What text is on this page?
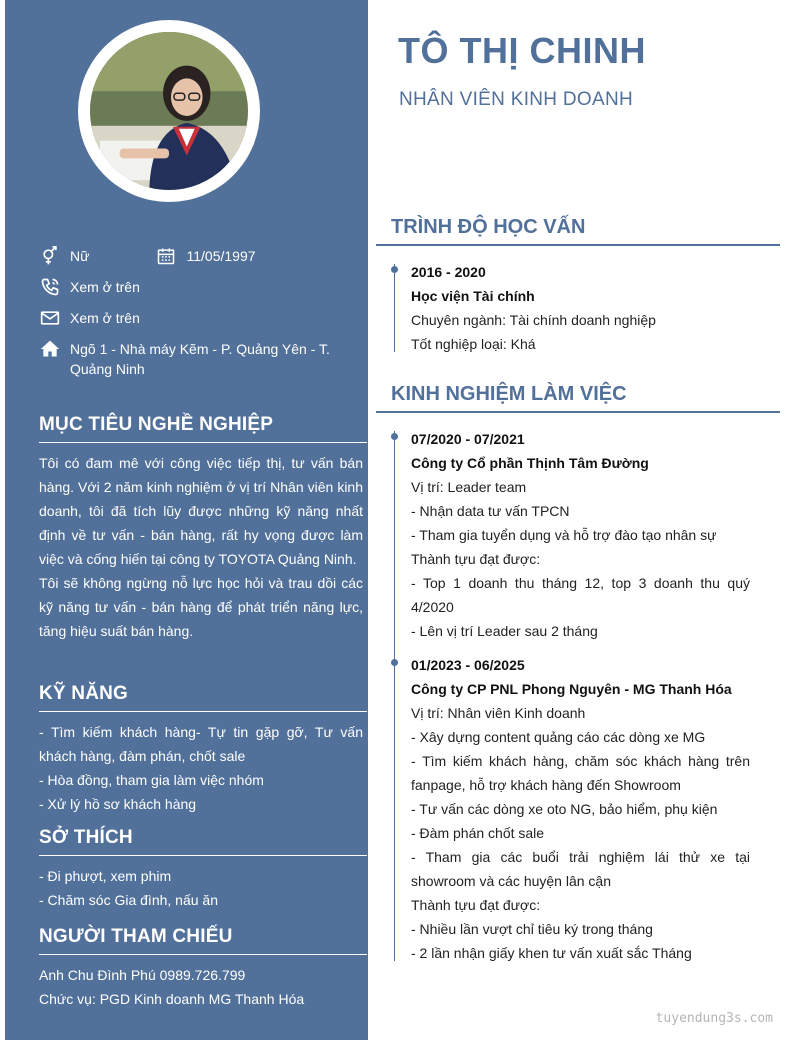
Nữ	11/05/1997
Xem ở trên
Xem ở trên
Ngõ 1 - Nhà máy Kẽm - P. Quảng Yên - T. Quảng Ninh
MỤC TIÊU NGHỀ NGHIỆP
Tôi có đam mê với công việc tiếp thị, tư vấn bán hàng. Với 2 năm kinh nghiệm ở vị trí Nhân viên kinh doanh, tôi đã tích lũy được những kỹ năng nhất định về tư vấn - bán hàng, rất hy vọng được làm việc và cống hiến tại công ty TOYOTA Quảng Ninh.
Tôi sẽ không ngừng nỗ lực học hỏi và trau dồi các kỹ năng tư vấn - bán hàng để phát triển năng lực, tăng hiệu suất bán hàng.
KỸ NĂNG
- Tìm kiếm khách hàng- Tự tin gặp gỡ, Tư vấn khách hàng, đàm phán, chốt sale
- Hòa đồng, tham gia làm việc nhóm
- Xử lý hồ sơ khách hàng
SỞ THÍCH
- Đi phượt, xem phim
- Chăm sóc Gia đình, nấu ăn
NGƯỜI THAM CHIẾU
Anh Chu Đình Phú 0989.726.799
Chức vụ: PGD Kinh doanh MG Thanh Hóa
TÔ THỊ CHINH
NHÂN VIÊN KINH DOANH
TRÌNH ĐỘ HỌC VẤN
2016 - 2020
Học viện Tài chính
Chuyên ngành: Tài chính doanh nghiệp
Tốt nghiệp loại: Khá
KINH NGHIỆM LÀM VIỆC
07/2020 - 07/2021
Công ty Cổ phần Thịnh Tâm Đường
Vị trí: Leader team
- Nhận data tư vấn TPCN
- Tham gia tuyển dụng và hỗ trợ đào tạo nhân sự
Thành tựu đạt được:
- Top 1 doanh thu tháng 12, top 3 doanh thu quý 4/2020
- Lên vị trí Leader sau 2 tháng
01/2023 - 06/2025
Công ty CP PNL Phong Nguyên - MG Thanh Hóa
Vị trí: Nhân viên Kinh doanh
- Xây dựng content quảng cáo các dòng xe MG
- Tìm kiếm khách hàng, chăm sóc khách hàng trên fanpage, hỗ trợ khách hàng đến Showroom
- Tư vấn các dòng xe oto NG, bảo hiểm, phụ kiện
- Đàm phán chốt sale
- Tham gia các buổi trải nghiệm lái thử xe tại showroom và các huyện lân cận
Thành tựu đạt được:
- Nhiều lần vượt chỉ tiêu ký trong tháng
- 2 lần nhận giấy khen tư vấn xuất sắc Tháng
tuyendung3s.com
